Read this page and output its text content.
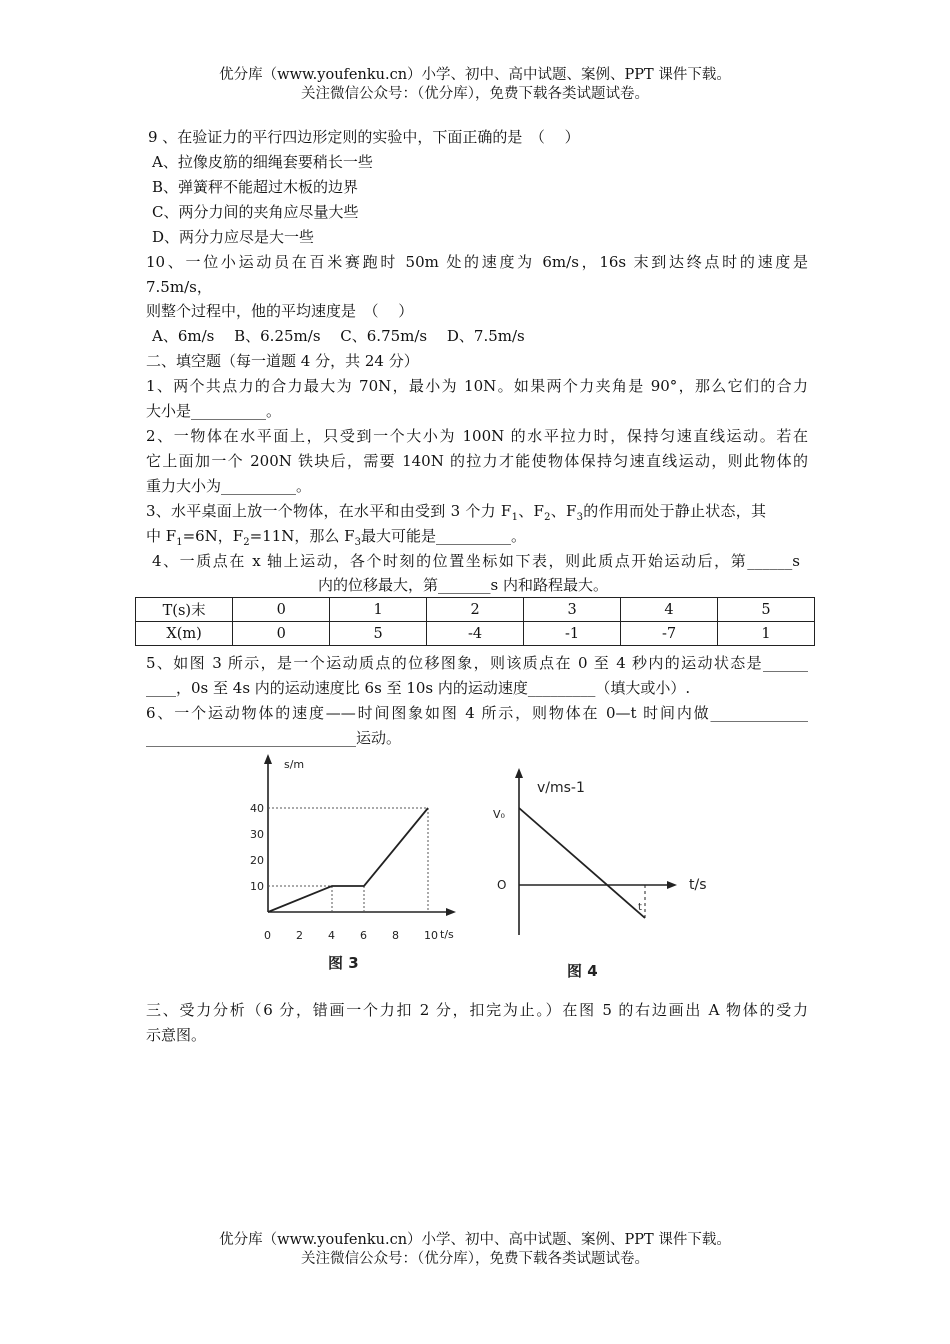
优分库（www.youfenku.cn）小学、初中、高中试题、案例、PPT 课件下载。
关注微信公众号：（优分库），免费下载各类试题试卷。
9 、在验证力的平行四边形定则的实验中，下面正确的是　（　 ）
A、拉像皮筋的细绳套要稍长一些
B、弹簧秤不能超过木板的边界
C、两分力间的夹角应尽量大些
D、两分力应尽是大一些
10、一位小运动员在百米赛跑时 50m 处的速度为 6m/s，16s 末到达终点时的速度是
7.5m/s，
则整个过程中，他的平均速度是　（　 ）
A、6m/s　 B、6.25m/s　 C、6.75m/s　 D、7.5m/s
二、填空题（每一道题 4 分，共 24 分）
1、两个共点力的合力最大为 70N，最小为 10N。如果两个力夹角是 90°，那么它们的合力
大小是__________。
2、一物体在水平面上，只受到一个大小为 100N 的水平拉力时，保持匀速直线运动。若在
它上面加一个 200N 铁块后，需要 140N 的拉力才能使物体保持匀速直线运动，则此物体的
重力大小为__________。
3、水平桌面上放一个物体，在水平和由受到 3 个力 $F_1$、$F_2$、$F_3$的作用而处于静止状态，其
中 $F_1=6N$，$F_2=11N$，那么 $F_3$最大可能是__________。
4、一质点在 x 轴上运动，各个时刻的位置坐标如下表，则此质点开始运动后，第______s
内的位移最大，第_______s 内和路程最大。
T(s)末	0	1	2	3	4	5
X(m)	0	5	-4	-1	-7	1
5、如图 3 所示，是一个运动质点的位移图象，则该质点在 0 至 4 秒内的运动状态是______
____，0s 至 4s 内的运动速度比 6s 至 10s 内的运动速度_________（填大或小）.
6、一个运动物体的速度——时间图象如图 4 所示，则物体在 0—t 时间内做_____________
____________________________运动。
0 2 4 6 8 10
10
20
30
40
s/m
t/s
图 3
v/ms-1
V₀
O	t/s
t
图 4
三、受力分析（6 分，错画一个力扣 2 分，扣完为止。）在图 5 的右边画出 A 物体的受力
示意图。
优分库（www.youfenku.cn）小学、初中、高中试题、案例、PPT 课件下载。
关注微信公众号：（优分库），免费下载各类试题试卷。
